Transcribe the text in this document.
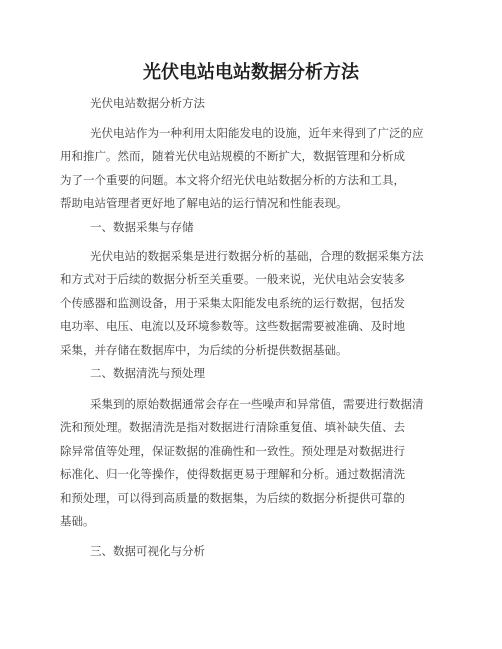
光伏电站电站数据分析方法
光伏电站数据分析方法
光伏电站作为一种利用太阳能发电的设施，近年来得到了广泛的应
用和推广。然而，随着光伏电站规模的不断扩大，数据管理和分析成
为了一个重要的问题。本文将介绍光伏电站数据分析的方法和工具，
帮助电站管理者更好地了解电站的运行情况和性能表现。
一、数据采集与存储
光伏电站的数据采集是进行数据分析的基础，合理的数据采集方法
和方式对于后续的数据分析至关重要。一般来说，光伏电站会安装多
个传感器和监测设备，用于采集太阳能发电系统的运行数据，包括发
电功率、电压、电流以及环境参数等。这些数据需要被准确、及时地
采集，并存储在数据库中，为后续的分析提供数据基础。
二、数据清洗与预处理
采集到的原始数据通常会存在一些噪声和异常值，需要进行数据清
洗和预处理。数据清洗是指对数据进行清除重复值、填补缺失值、去
除异常值等处理，保证数据的准确性和一致性。预处理是对数据进行
标准化、归一化等操作，使得数据更易于理解和分析。通过数据清洗
和预处理，可以得到高质量的数据集，为后续的数据分析提供可靠的
基础。
三、数据可视化与分析
